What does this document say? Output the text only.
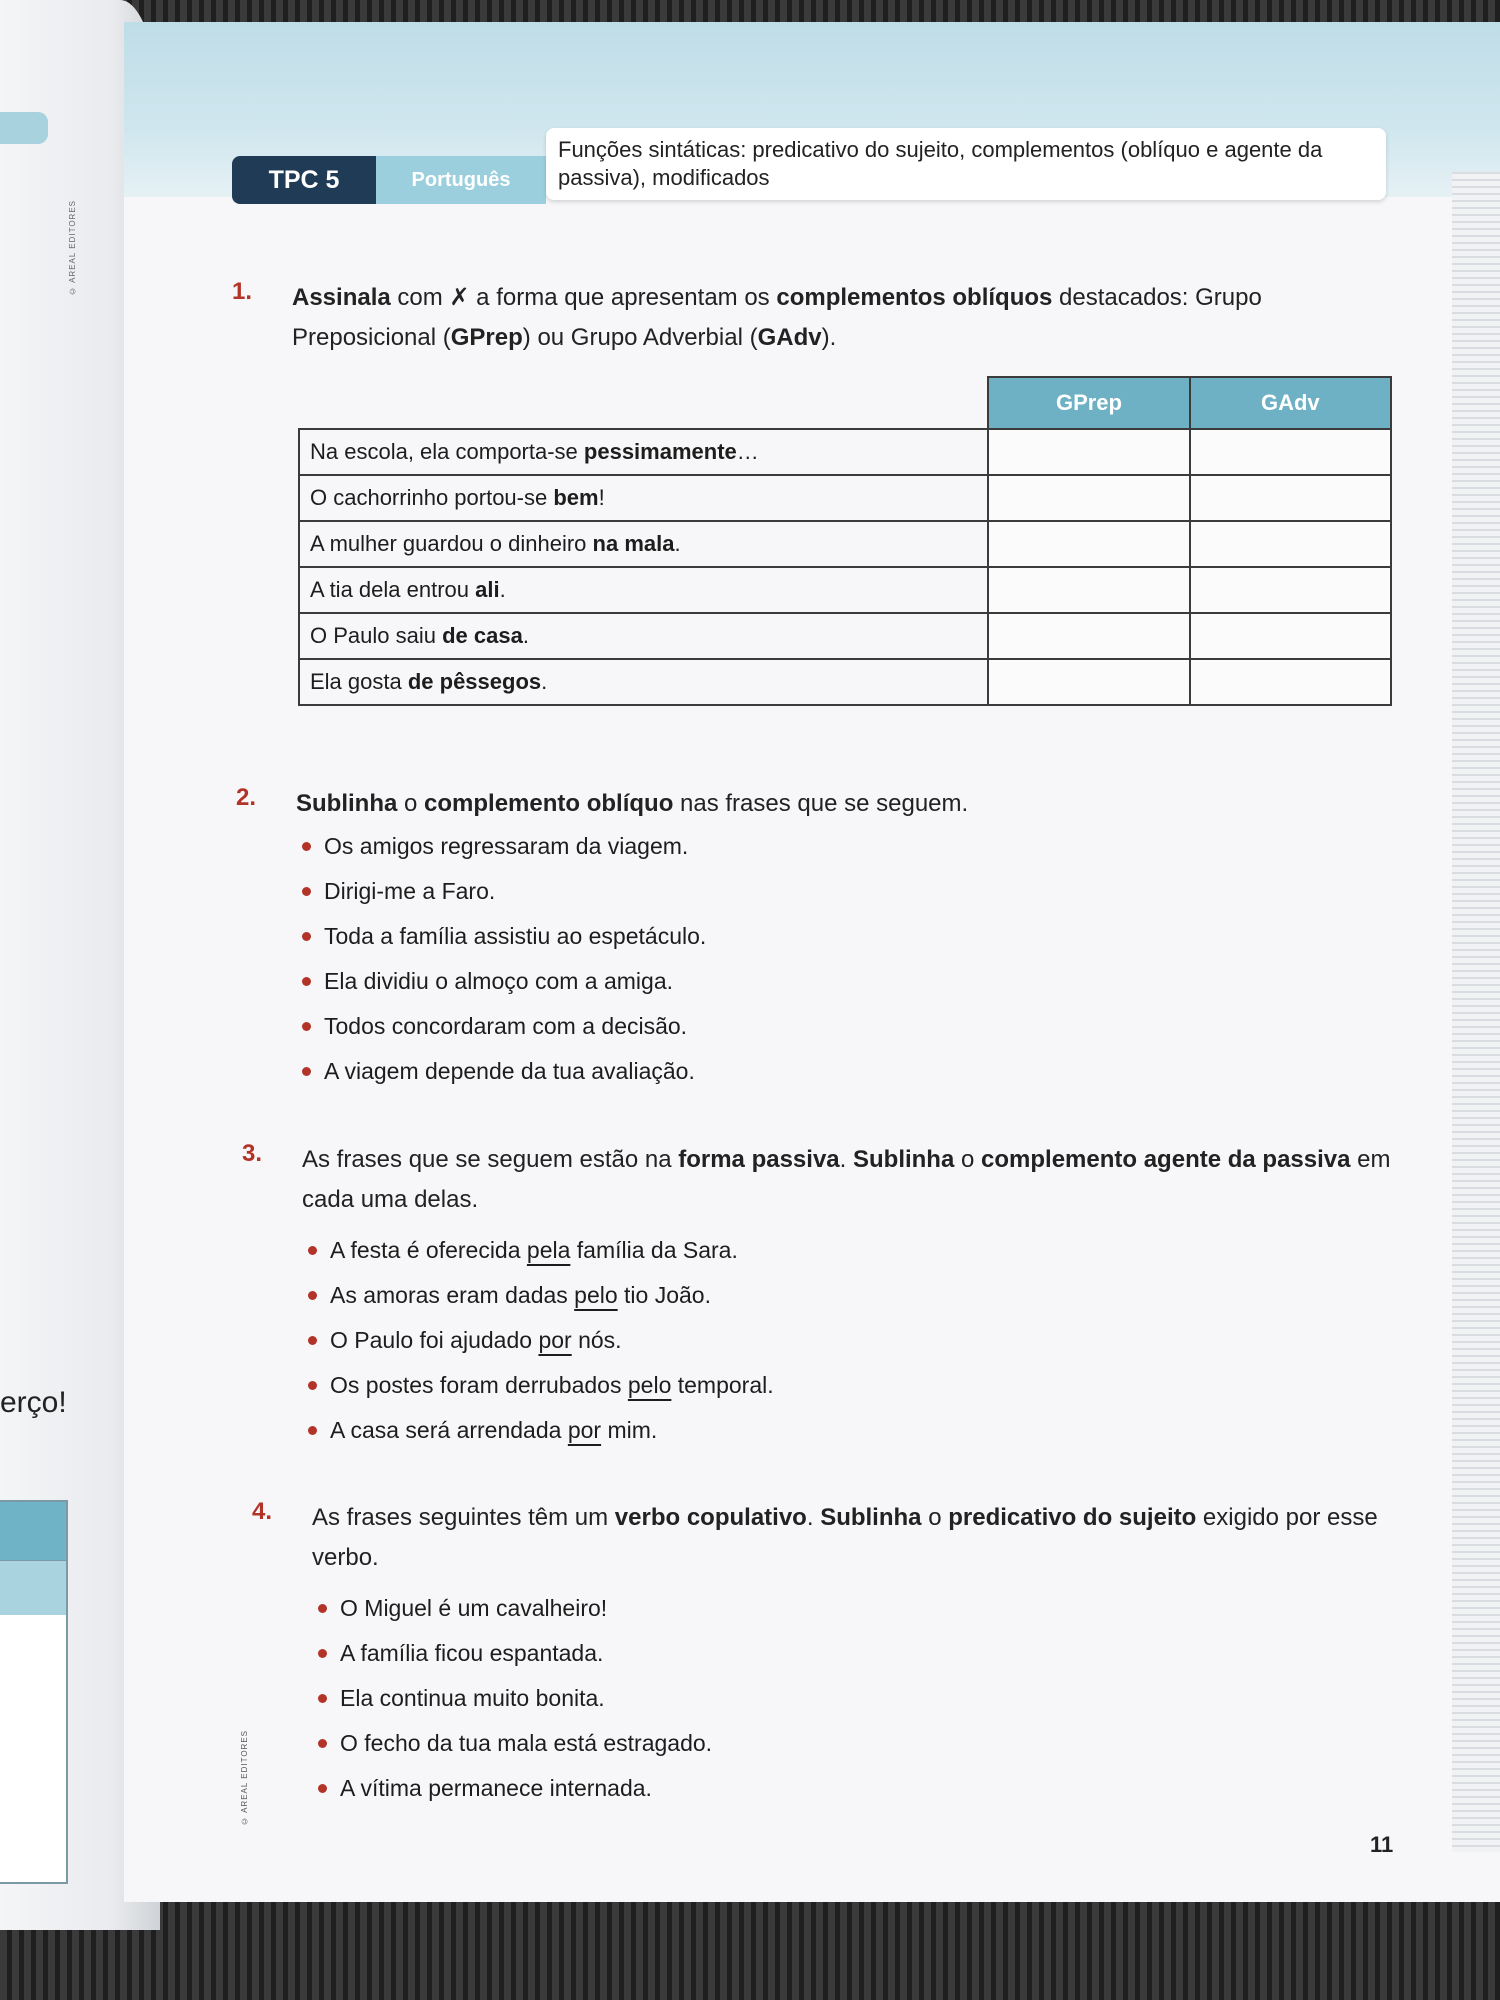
© AREAL EDITORES
erço!
TPC 5	Português
Funções sintáticas: predicativo do sujeito, complementos (oblíquo e agente da passiva), modificados
1. Assinala com ✗ a forma que apresentam os complementos oblíquos destacados: Grupo Preposicional (GPrep) ou Grupo Adverbial (GAdv).
	GPrep	GAdv
Na escola, ela comporta-se pessimamente…		
O cachorrinho portou-se bem!		
A mulher guardou o dinheiro na mala.		
A tia dela entrou ali.		
O Paulo saiu de casa.		
Ela gosta de pêssegos.		
2. Sublinha o complemento oblíquo nas frases que se seguem.
Os amigos regressaram da viagem.
Dirigi-me a Faro.
Toda a família assistiu ao espetáculo.
Ela dividiu o almoço com a amiga.
Todos concordaram com a decisão.
A viagem depende da tua avaliação.
3. As frases que se seguem estão na forma passiva. Sublinha o complemento agente da passiva em cada uma delas.
A festa é oferecida pela família da Sara.
As amoras eram dadas pelo tio João.
O Paulo foi ajudado por nós.
Os postes foram derrubados pelo temporal.
A casa será arrendada por mim.
4. As frases seguintes têm um verbo copulativo. Sublinha o predicativo do sujeito exigido por esse verbo.
O Miguel é um cavalheiro!
A família ficou espantada.
Ela continua muito bonita.
O fecho da tua mala está estragado.
A vítima permanece internada.
© AREAL EDITORES
11
